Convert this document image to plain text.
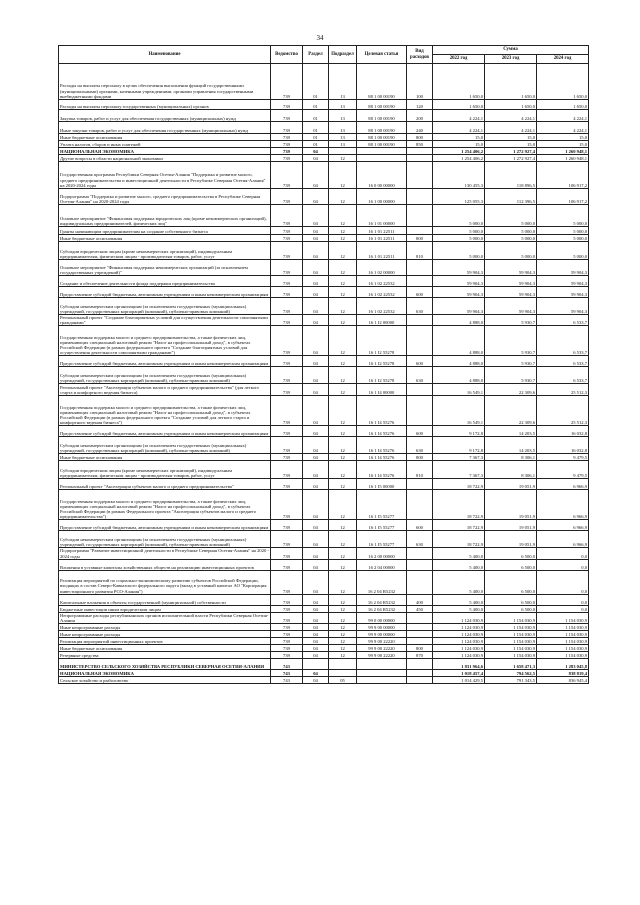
34
Наименование	Ведомство	Раздел	Подраздел	Целевая статья	Вид расходов	Сумма		
						2022 год	2023 год	2024 год
Расходы на выплаты персоналу в целях обеспечения выполнения функций государственными (муниципальными) органами, казенными учреждениями, органами управления государственными внебюджетными фондами	739	01	13	88 1 00 00190	100	1 650,0	1 650,0	1 650,0
Расходы на выплаты персоналу государственных (муниципальных) органов	739	01	13	88 1 00 00190	120	1 650,0	1 650,0	1 650,0
Закупка товаров, работ и услуг для обеспечения государственных (муниципальных) нужд	739	01	13	88 1 00 00190	200	4 224,1	4 224,1	4 224,1
Иные закупки товаров, работ и услуг для обеспечения государственных (муниципальных) нужд	739	01	13	88 1 00 00190	240	4 224,1	4 224,1	4 224,1
Иные бюджетные ассигнования	739	01	13	88 1 00 00190	800	15,0	15,0	15,0
Уплата налогов, сборов и иных платежей	739	01	13	88 1 00 00190	850	15,0	15,0	15,0
НАЦИОНАЛЬНАЯ ЭКОНОМИКА	739	04				1 254 406,2	1 272 927,4	1 260 948,1
Другие вопросы в области национальной экономики	739	04	12			1 254 406,2	1 272 927,4	1 260 948,1
Государственная программа Республики Северная Осетия-Алания "Поддержка и развитие малого, среднего предпринимательства и инвестиционной деятельности в Республике Северная Осетия-Алания" на 2020-2024 годы	739	04	12	16 0 00 00000		130 455,3	118 896,5	106 917,2
Подпрограмма "Поддержка и развитие малого, среднего предпринимательства в Республике Северная Осетия-Алания" на 2020-2024 годы	739	04	12	16 1 00 00000		125 055,3	112 396,5	106 917,2
Основное мероприятие "Финансовая поддержка юридических лиц (кроме некоммерческих организаций), индивидуальных предпринимателей, физических лиц"	739	04	12	16 1 01 00000		5 000,0	5 000,0	5 000,0
Гранты начинающим предпринимателям на создание собственного бизнеса	739	04	12	16 1 01 22511		5 000,0	5 000,0	5 000,0
Иные бюджетные ассигнования	739	04	12	16 1 01 22511	800	5 000,0	5 000,0	5 000,0
Субсидии юридическим лицам (кроме некоммерческих организаций), индивидуальным предпринимателям, физическим лицам - производителям товаров, работ, услуг	739	04	12	16 1 01 22511	810	5 000,0	5 000,0	5 000,0
Основное мероприятие "Финансовая поддержка некоммерческих организаций (за исключением государственных учреждений)"	739	04	12	16 1 02 00000		59 904,3	59 904,3	59 904,3
Создание и обеспечение деятельности фонда поддержки предпринимательства	739	04	12	16 1 02 22532		59 904,3	59 904,3	59 904,3
Предоставление субсидий бюджетным, автономным учреждениям и иным некоммерческим организациям	739	04	12	16 1 02 22532	600	59 904,3	59 904,3	59 904,3
Субсидии некоммерческим организациям (за исключением государственных (муниципальных) учреждений, государственных корпораций (компаний), публично-правовых компаний)	739	04	12	16 1 02 22532	630	59 904,3	59 904,3	59 904,3
Региональный проект "Создание благоприятных условий для осуществления деятельности самозанятыми гражданами"	739	04	12	16 1 I2 00000		4 888,0	5 930,7	6 533,7
Государственная поддержка малого и среднего предпринимательства, а также физических лиц, применяющих специальный налоговый режим "Налог на профессиональный доход", в субъектах Российской Федерации (в рамках федерального проекта "Создание благоприятных условий для осуществления деятельности самозанятыми гражданами")	739	04	12	16 1 I2 55278		4 888,0	5 930,7	6 533,7
Предоставление субсидий бюджетным, автономным учреждениям и иным некоммерческим организациям	739	04	12	16 1 I2 55278	600	4 888,0	5 930,7	6 533,7
Субсидии некоммерческим организациям (за исключением государственных (муниципальных) учреждений, государственных корпораций (компаний), публично-правовых компаний)	739	04	12	16 1 I2 55278	630	4 888,0	5 930,7	6 533,7
Региональный проект "Акселерация субъектов малого и среднего предпринимательства" (для легкого старта и комфортного ведения бизнеса)	739	04	12	16 1 I4 00000		16 549,1	22 309,6	25 512,3
Государственная поддержка малого и среднего предпринимательства, а также физических лиц, применяющих специальный налоговый режим "Налог на профессиональный доход", в субъектах Российской Федерации (в рамках федерального проекта "Создание условий для легкого старта и комфортного ведения бизнеса")	739	04	12	16 1 I4 55276		16 549,1	22 309,6	25 512,3
Предоставление субсидий бюджетным, автономным учреждениям и иным некоммерческим организациям	739	04	12	16 1 I4 55276	600	9 172,8	14 203,5	16 032,8
Субсидии некоммерческим организациям (за исключением государственных (муниципальных) учреждений, государственных корпораций (компаний), публично-правовых компаний)	739	04	12	16 1 I4 55276	630	9 172,8	14 203,5	16 032,8
Иные бюджетные ассигнования	739	04	12	16 1 I4 55276	800	7 367,3	8 306,1	9 479,5
Субсидии юридическим лицам (кроме некоммерческих организаций), индивидуальным предпринимателям, физическим лицам - производителям товаров, работ, услуг	739	04	12	16 1 I4 55276	810	7 367,3	8 306,1	9 479,5
Региональный проект "Акселерация субъектов малого и среднего предпринимательства"	739	04	12	16 1 I5 00000		18 722,9	19 051,9	6 966,9
Государственная поддержка малого и среднего предпринимательства, а также физических лиц, применяющих специальный налоговый режим "Налог на профессиональный доход", в субъектах Российской Федерации (в рамках Федерального проекта "Акселерация субъектов малого и среднего предпринимательства")	739	04	12	16 1 I5 55277		18 722,9	19 051,9	6 966,9
Предоставление субсидий бюджетным, автономным учреждениям и иным некоммерческим организациям	739	04	12	16 1 I5 55277	600	18 722,9	19 051,9	6 966,9
Субсидии некоммерческим организациям (за исключением государственных (муниципальных) учреждений, государственных корпораций (компаний), публично-правовых компаний)	739	04	12	16 1 I5 55277	630	18 722,9	19 051,9	6 966,9
Подпрограмма "Развитие инвестиционной деятельности в Республике Северная Осетия-Алания" на 2020 - 2024 годы	739	04	12	16 2 00 00000		5 400,0	6 500,0	0,0
Вложения в уставные капиталы хозяйственных обществ на реализацию инвестиционных проектов	739	04	12	16 2 04 00000		5 400,0	6 500,0	0,0
Реализация мероприятий по социально-экономическому развитию субъектов Российской Федерации, входящих в состав Северо-Кавказского федерального округа (вклад в уставный капитал АО "Корпорация инвестиционного развития РСО-Алания")	739	04	12	16 2 04 R5232		5 400,0	6 500,0	0,0
Капитальные вложения в объекты государственной (муниципальной) собственности	739	04	12	16 2 04 R5232	400	5 400,0	6 500,0	0,0
Бюджетные инвестиции иным юридическим лицам	739	04	12	16 2 04 R5232	450	5 400,0	6 500,0	0,0
Непрограммные расходы республиканских органов исполнительной власти Республики Северная Осетия-Алания	739	04	12	99 0 00 00000		1 124 030,9	1 154 030,9	1 154 030,9
Иные непрограммные расходы	739	04	12	99 9 00 00000		1 124 030,9	1 154 030,9	1 154 030,9
Иные непрограммные расходы	739	04	12	99 9 00 00000		1 124 030,9	1 154 030,9	1 154 030,9
Реализация мероприятий инвестиционных проектов	739	04	12	99 9 00 22220		1 124 030,9	1 154 030,9	1 154 030,9
Иные бюджетные ассигнования	739	04	12	99 9 00 22220	800	1 124 030,9	1 154 030,9	1 154 030,9
Резервные средства	739	04	12	99 9 00 22220	870	1 124 030,9	1 154 030,9	1 154 030,9
МИНИСТЕРСТВО СЕЛЬСКОГО ХОЗЯЙСТВА РЕСПУБЛИКИ СЕВЕРНАЯ ОСЕТИЯ-АЛАНИЯ	743					1 831 964,6	1 658 471,3	1 283 045,8
НАЦИОНАЛЬНАЯ ЭКОНОМИКА	743	04				1 018 457,4	794 562,5	838 819,4
Сельское хозяйство и рыболовство	743	04	05			1 014 429,5	791 343,5	836 945,4
